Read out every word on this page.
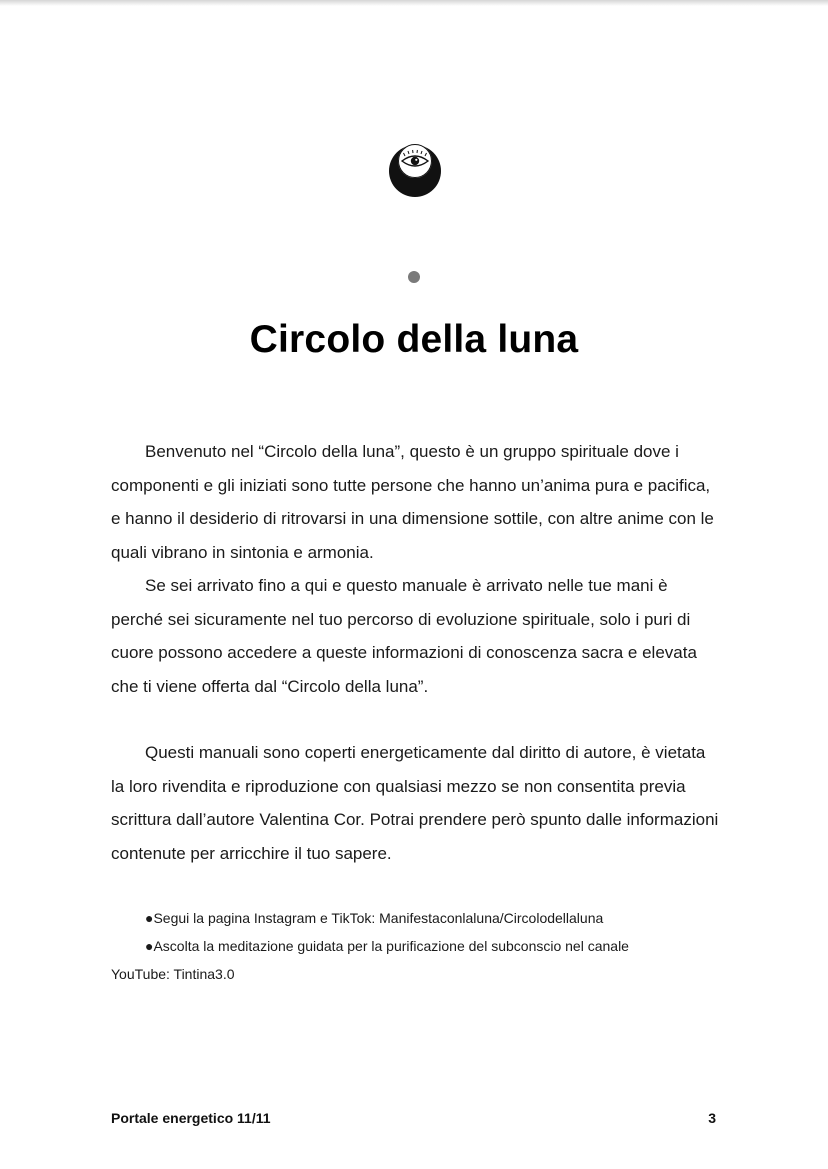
Circolo della luna

Benvenuto nel “Circolo della luna”, questo è un gruppo spirituale dove i componenti e gli iniziati sono tutte persone che hanno un’anima pura e pacifica, e hanno il desiderio di ritrovarsi in una dimensione sottile, con altre anime con le quali vibrano in sintonia e armonia.

Se sei arrivato fino a qui e questo manuale è arrivato nelle tue mani è perché sei sicuramente nel tuo percorso di evoluzione spirituale, solo i puri di cuore possono accedere a queste informazioni di conoscenza sacra e elevata che ti viene offerta dal “Circolo della luna”.

Questi manuali sono coperti energeticamente dal diritto di autore, è vietata la loro rivendita e riproduzione con qualsiasi mezzo se non consentita previa scrittura dall’autore Valentina Cor. Potrai prendere però spunto dalle informazioni contenute per arricchire il tuo sapere.

●Segui la pagina Instagram e TikTok: Manifestaconlaluna/Circolodellaluna
●Ascolta la meditazione guidata per la purificazione del subconscio nel canale
YouTube: Tintina3.0
Portale energetico 11/11	3
